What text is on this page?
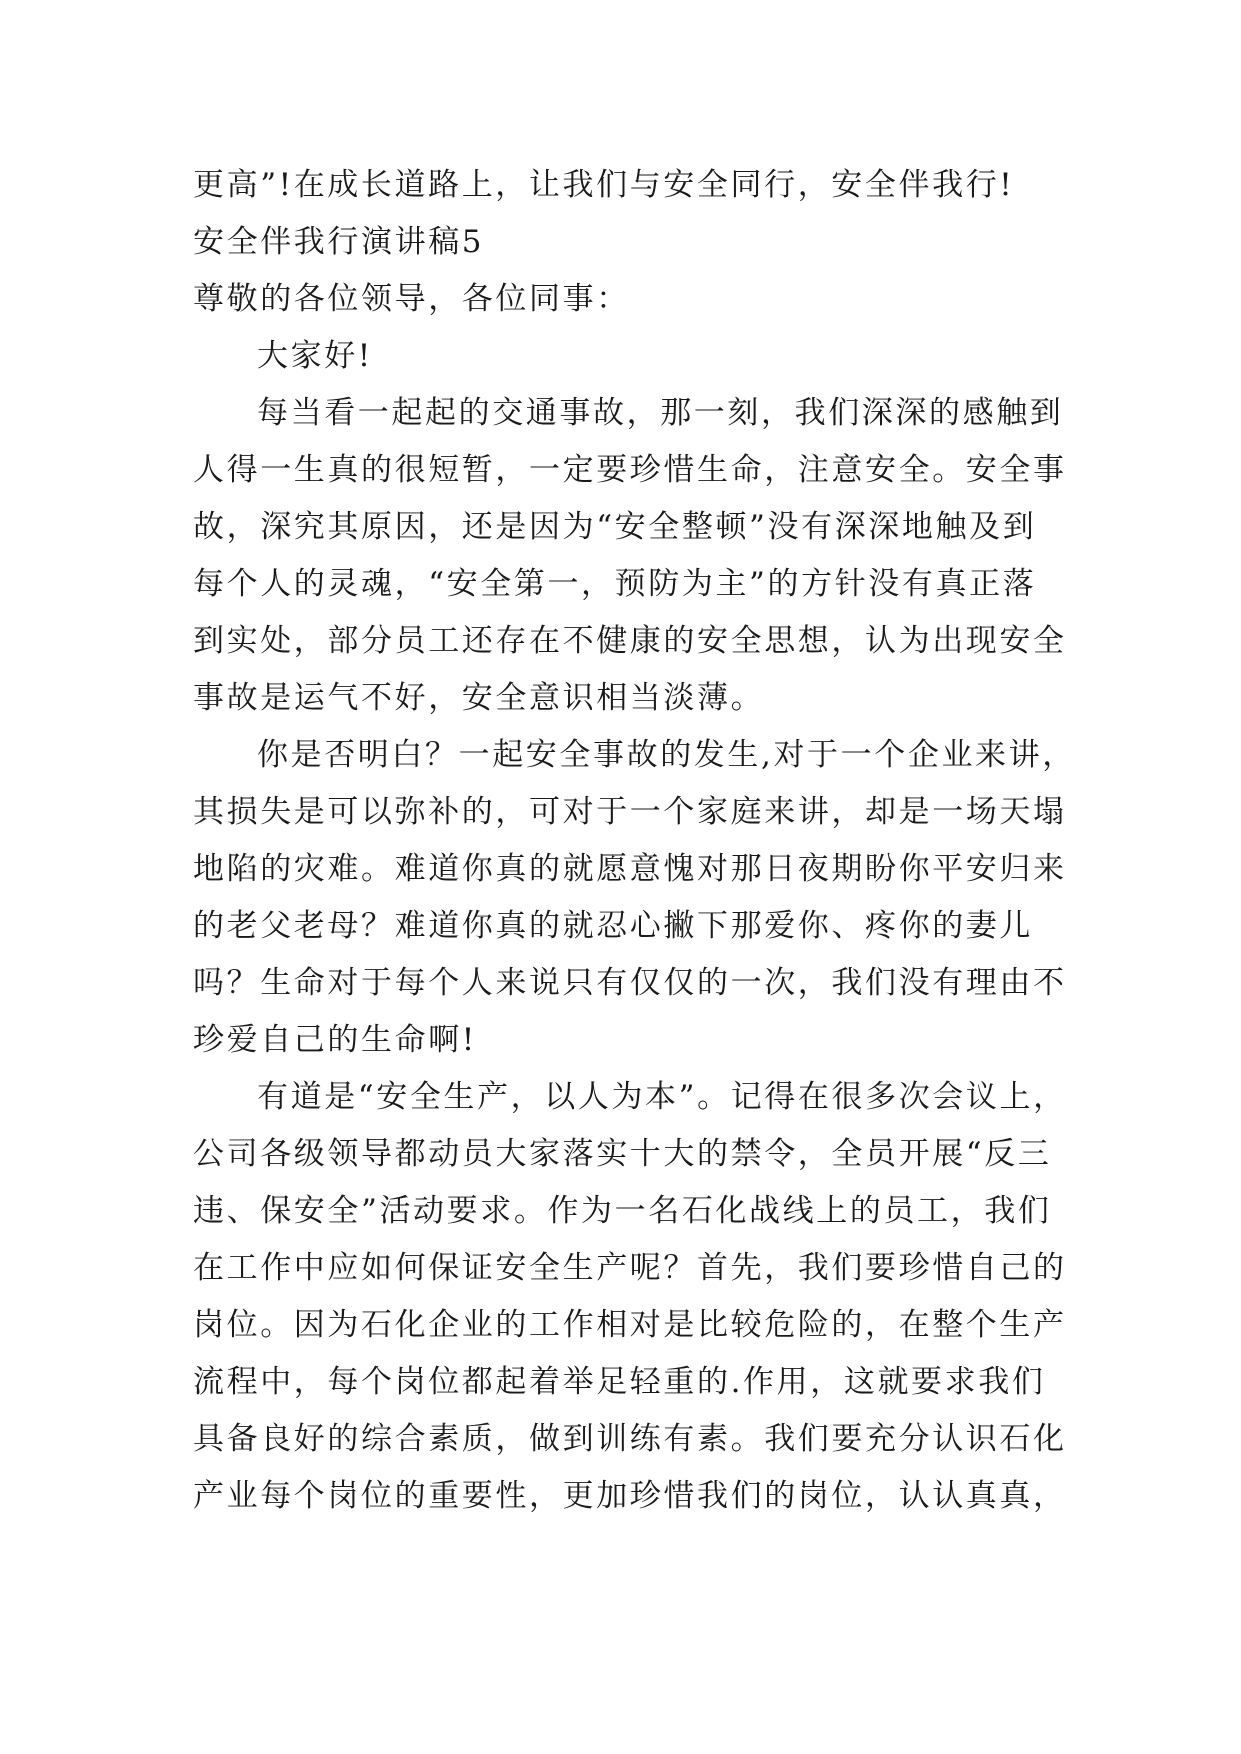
更高”!在成长道路上，让我们与安全同行，安全伴我行!
安全伴我行演讲稿5
尊敬的各位领导，各位同事：
大家好!
每当看一起起的交通事故，那一刻，我们深深的感触到
人得一生真的很短暂，一定要珍惜生命，注意安全。安全事
故，深究其原因，还是因为“安全整顿”没有深深地触及到
每个人的灵魂，“安全第一，预防为主”的方针没有真正落
到实处，部分员工还存在不健康的安全思想，认为出现安全
事故是运气不好，安全意识相当淡薄。
你是否明白？一起安全事故的发生,对于一个企业来讲，
其损失是可以弥补的，可对于一个家庭来讲，却是一场天塌
地陷的灾难。难道你真的就愿意愧对那日夜期盼你平安归来
的老父老母？难道你真的就忍心撇下那爱你、疼你的妻儿
吗？生命对于每个人来说只有仅仅的一次，我们没有理由不
珍爱自己的生命啊!
有道是“安全生产，以人为本”。记得在很多次会议上，
公司各级领导都动员大家落实十大的禁令，全员开展“反三
违、保安全”活动要求。作为一名石化战线上的员工，我们
在工作中应如何保证安全生产呢？首先，我们要珍惜自己的
岗位。因为石化企业的工作相对是比较危险的，在整个生产
流程中，每个岗位都起着举足轻重的.作用，这就要求我们
具备良好的综合素质，做到训练有素。我们要充分认识石化
产业每个岗位的重要性，更加珍惜我们的岗位，认认真真，
